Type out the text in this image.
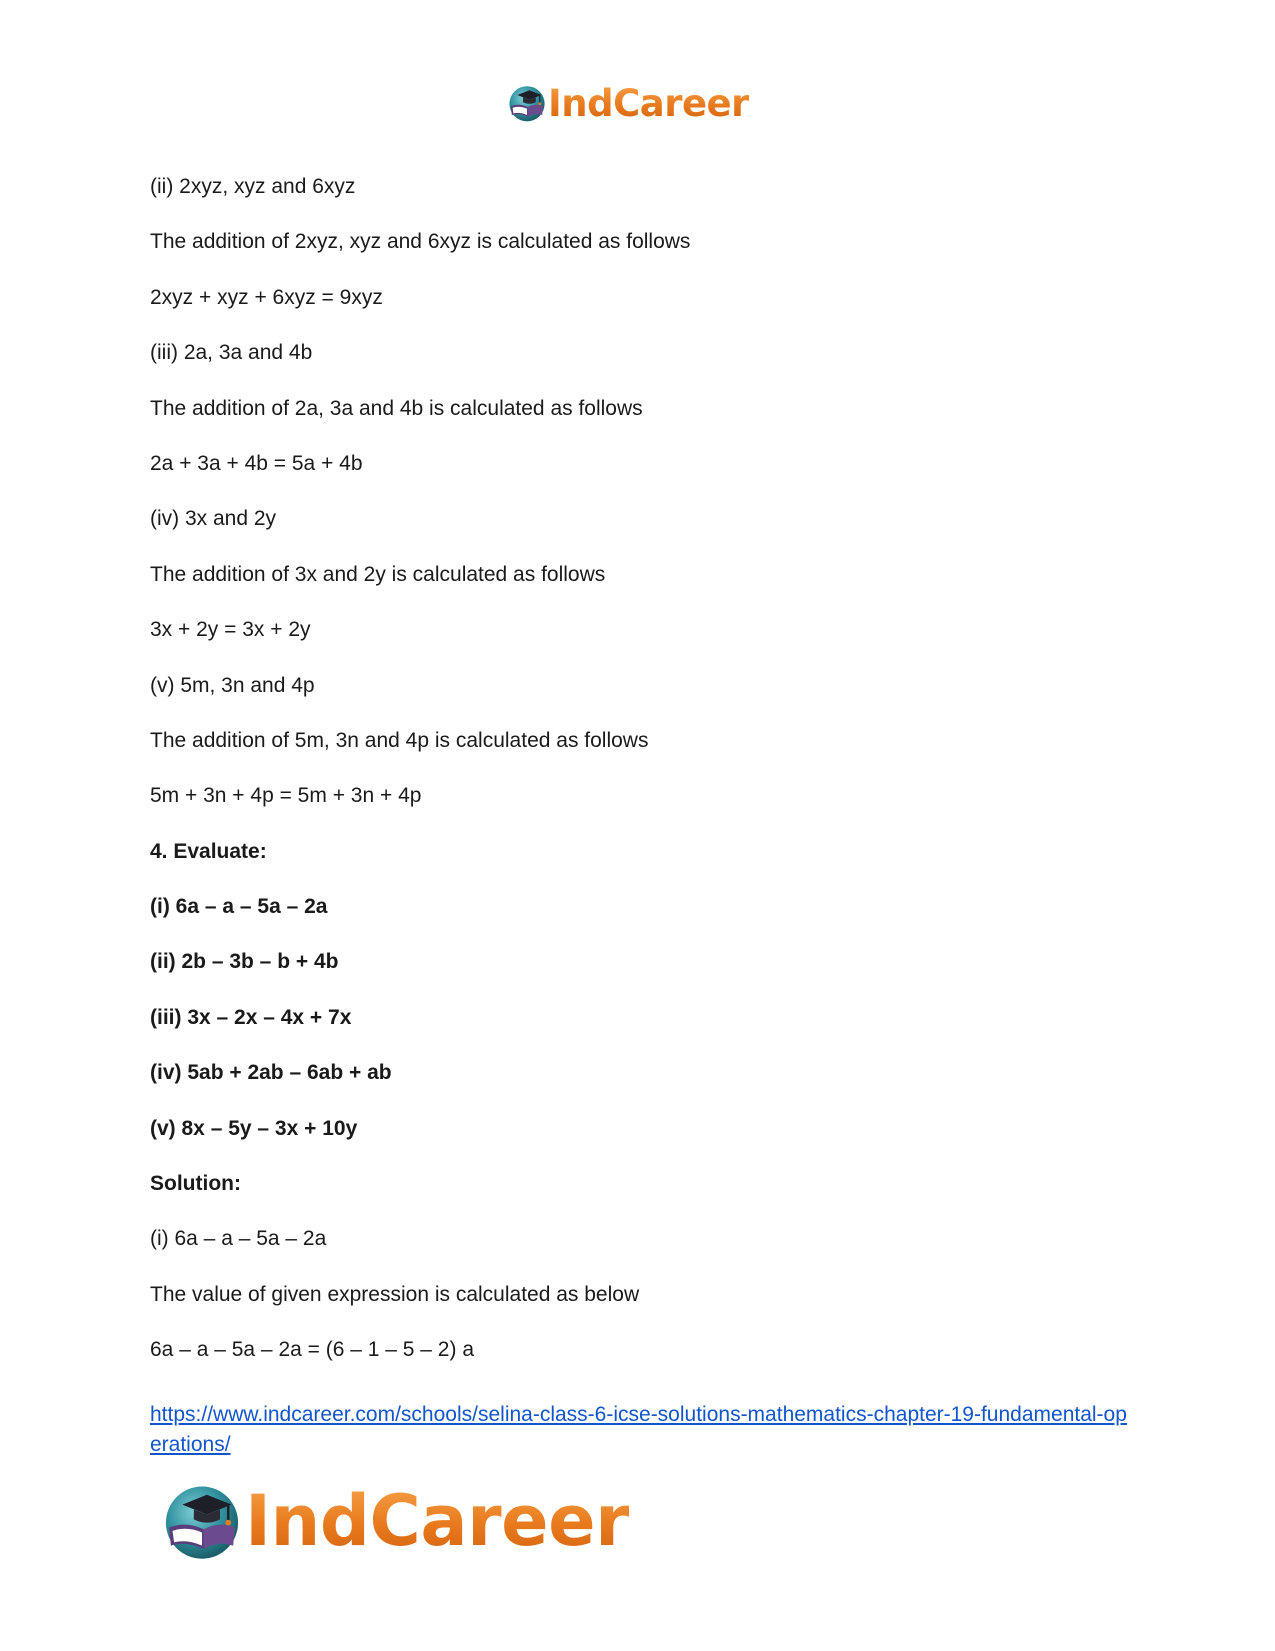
IndCareer

(ii) 2xyz, xyz and 6xyz

The addition of 2xyz, xyz and 6xyz is calculated as follows

2xyz + xyz + 6xyz = 9xyz

(iii) 2a, 3a and 4b

The addition of 2a, 3a and 4b is calculated as follows

2a + 3a + 4b = 5a + 4b

(iv) 3x and 2y

The addition of 3x and 2y is calculated as follows

3x + 2y = 3x + 2y

(v) 5m, 3n and 4p

The addition of 5m, 3n and 4p is calculated as follows

5m + 3n + 4p = 5m + 3n + 4p

4. Evaluate:

(i) 6a – a – 5a – 2a

(ii) 2b – 3b – b + 4b

(iii) 3x – 2x – 4x + 7x

(iv) 5ab + 2ab – 6ab + ab

(v) 8x – 5y – 3x + 10y

Solution:

(i) 6a – a – 5a – 2a

The value of given expression is calculated as below

6a – a – 5a – 2a = (6 – 1 – 5 – 2) a

https://www.indcareer.com/schools/selina-class-6-icse-solutions-mathematics-chapter-19-fundamental-operations/
IndCareer
